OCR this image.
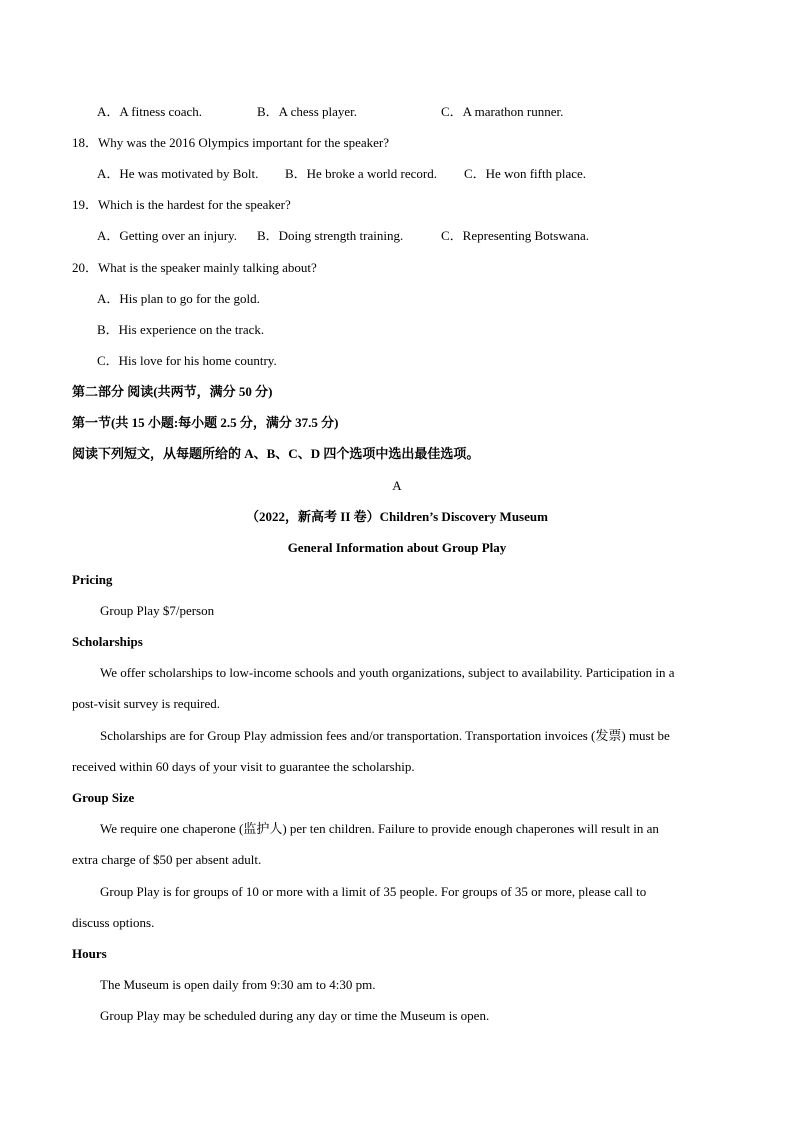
A．A fitness coach.	B．A chess player.	C．A marathon runner.
18．Why was the 2016 Olympics important for the speaker?
A．He was motivated by Bolt. B．He broke a world record. C．He won fifth place.
19．Which is the hardest for the speaker?
A．Getting over an injury. B．Doing strength training.	C．Representing Botswana.
20．What is the speaker mainly talking about?
A．His plan to go for the gold.
B．His experience on the track.
C．His love for his home country.
第二部分 阅读(共两节，满分 50 分)
第一节(共 15 小题:每小题 2.5 分，满分 37.5 分)
阅读下列短文，从每题所给的 A、B、C、D 四个选项中选出最佳选项。
A
（2022，新高考 II 卷）Children’s Discovery Museum
General Information about Group Play
Pricing
Group Play $7/person
Scholarships
We offer scholarships to low-income schools and youth organizations, subject to availability. Participation in a
post-visit survey is required.
Scholarships are for Group Play admission fees and/or transportation. Transportation invoices (发票) must be
received within 60 days of your visit to guarantee the scholarship.
Group Size
We require one chaperone (监护人) per ten children. Failure to provide enough chaperones will result in an
extra charge of $50 per absent adult.
Group Play is for groups of 10 or more with a limit of 35 people. For groups of 35 or more, please call to
discuss options.
Hours
The Museum is open daily from 9:30 am to 4:30 pm.
Group Play may be scheduled during any day or time the Museum is open.
